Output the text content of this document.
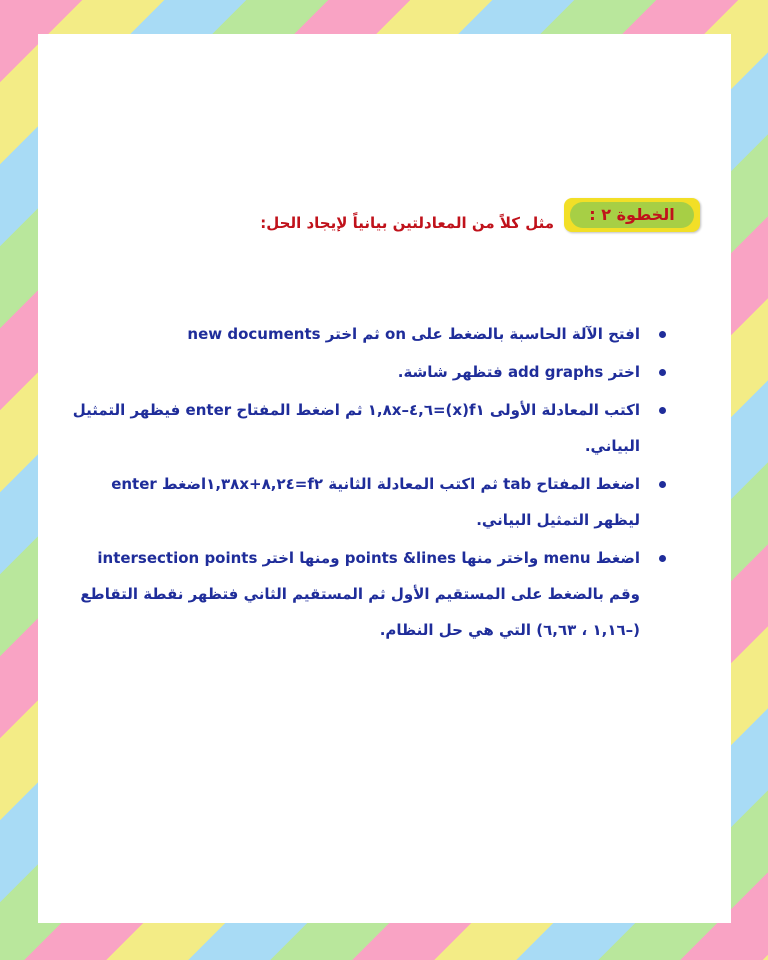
الخطوة ٢ :
مثل كلاً من المعادلتين بيانياً لإيجاد الحل:
افتح الآلة الحاسبة بالضغط على on ثم اختر new documents
اختر add graphs فتظهر شاشة.
اكتب المعادلة الأولى f١(x)=٤,٦–١,٨x ثم اضغط المفتاح enter فيظهر التمثيل البياني.
اضغط المفتاح tab ثم اكتب المعادلة الثانية f٢=٨,٢٤+١,٣٨xاضغط enter ليظهر التمثيل البياني.
اضغط menu واختر منها points &lines ومنها اختر intersection points وقم بالضغط على المستقيم الأول ثم المستقيم الثاني فتظهر نقطة التقاطع (–١,١٦ ، ٦,٦٣) التي هي حل النظام.
